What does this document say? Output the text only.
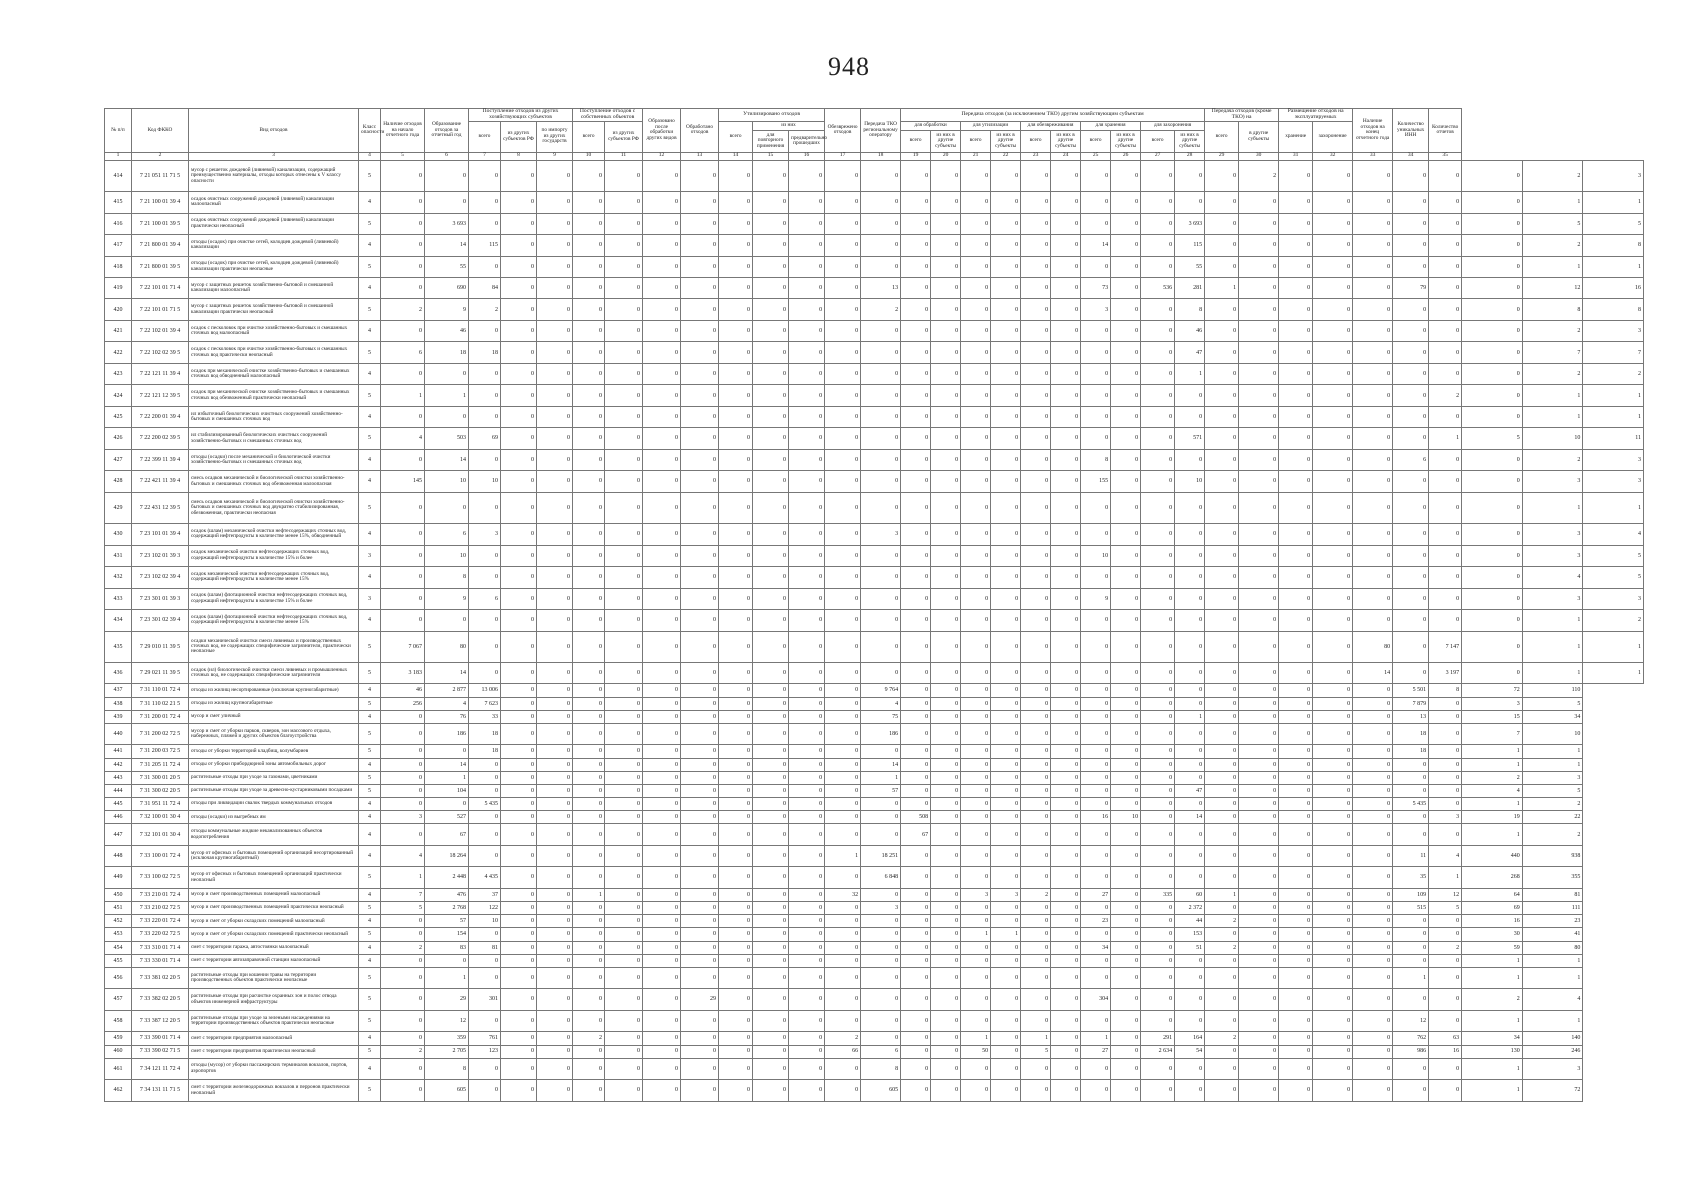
948
№ п/п	Код ФККО	Вид отходов	Класс опасности	Наличие отходов на начало отчетного года	Образование отходов за отчетный год	Поступление отходов из других хозяйствующих субъектов			Поступление отходов с собственных объектов		Образовано после обработки других видов	Обработано отходов	Утилизировано отходов			Обезврежено отходов	Передача ТКО региональному оператору	Передача отходов (за исключением ТКО) другим хозяйствующим субъектам										Передача отходов (кроме ТКО) на		Размещение отходов на эксплуатируемых		Наличие отходов на конец отчетного года	Количество уникальных ИНН	Количество отчетов			
						всего	из других субъектов РФ	по импорту из других государств	всего	из других субъектов РФ			всего	из них				для обработки		для утилизации		для обезвреживания		для хранения		для захоронения		всего	в другие субъекты	хранение	захоронение						
														для повторного применения	предварительно прошедших			всего	из них в другие субъекты	всего	из них в другие субъекты	всего	из них в другие субъекты	всего	из них в другие субъекты	всего	из них в другие субъекты										
1	2	3	4	5	6	7	8	9	10	11	12	13	14	15	16	17	18	19	20	21	22	23	24	25	26	27	28	29	30	31	32	33	34	35			
414	7 21 051 11 71 5	мусор с решеток дождевой (ливневой) канализации, содержащий преимущественно материалы, отходы которых отнесены к V классу опасности	5	0	0	0	0	0	0	0	0	0	0	0	0	0	0	0	0	0	0	0	0	0	0	0	0	0	2	0	0	0	0	0	0	2	3
415	7 21 100 01 39 4	осадок очистных сооружений дождевой (ливневой) канализации малоопасный	4	0	0	0	0	0	0	0	0	0	0	0	0	0	0	0	0	0	0	0	0	0	0	0	0	0	0	0	0	0	0	0	0	1	1
416	7 21 100 01 39 5	осадок очистных сооружений дождевой (ливневой) канализации практически неопасный	5	0	3 693	0	0	0	0	0	0	0	0	0	0	0	0	0	0	0	0	0	0	0	0	0	3 693	0	0	0	0	0	0	0	0	5	5
417	7 21 800 01 39 4	отходы (осадок) при очистке сетей, колодцев дождевой (ливневой) канализации	4	0	14	115	0	0	0	0	0	0	0	0	0	0	0	0	0	0	0	0	0	14	0	0	115	0	0	0	0	0	0	0	0	2	8
418	7 21 800 01 39 5	отходы (осадок) при очистке сетей, колодцев дождевой (ливневой) канализации практически неопасные	5	0	55	0	0	0	0	0	0	0	0	0	0	0	0	0	0	0	0	0	0	0	0	0	55	0	0	0	0	0	0	0	0	1	1
419	7 22 101 01 71 4	мусор с защитных решеток хозяйственно-бытовой и смешанной канализации малоопасный	4	0	690	84	0	0	0	0	0	0	0	0	0	0	13	0	0	0	0	0	0	73	0	536	281	1	0	0	0	0	79	0	0	12	16
420	7 22 101 01 71 5	мусор с защитных решеток хозяйственно-бытовой и смешанной канализации практически неопасный	5	2	9	2	0	0	0	0	0	0	0	0	0	0	2	0	0	0	0	0	0	3	0	0	8	0	0	0	0	0	0	0	0	8	8
421	7 22 102 01 39 4	осадок с песколовок при очистке хозяйственно-бытовых и смешанных сточных вод малоопасный	4	0	46	0	0	0	0	0	0	0	0	0	0	0	0	0	0	0	0	0	0	0	0	0	46	0	0	0	0	0	0	0	0	2	3
422	7 22 102 02 39 5	осадок с песколовок при очистке хозяйственно-бытовых и смешанных сточных вод практически неопасный	5	6	18	18	0	0	0	0	0	0	0	0	0	0	0	0	0	0	0	0	0	0	0	0	47	0	0	0	0	0	0	0	0	7	7
423	7 22 121 11 39 4	осадок при механической очистке хозяйственно-бытовых и смешанных сточных вод обводненный малоопасный	4	0	0	0	0	0	0	0	0	0	0	0	0	0	0	0	0	0	0	0	0	0	0	0	1	0	0	0	0	0	0	0	0	2	2
424	7 22 121 12 39 5	осадок при механической очистке хозяйственно-бытовых и смешанных сточных вод обезвоженный практически неопасный	5	1	1	0	0	0	0	0	0	0	0	0	0	0	0	0	0	0	0	0	0	0	0	0	0	0	0	0	0	0	0	2	0	1	1
425	7 22 200 01 39 4	ил избыточный биологических очистных сооружений хозяйственно-бытовых и смешанных сточных вод	4	0	0	0	0	0	0	0	0	0	0	0	0	0	0	0	0	0	0	0	0	0	0	0	0	0	0	0	0	0	0	0	0	1	1
426	7 22 200 02 39 5	ил стабилизированный биологических очистных сооружений хозяйственно-бытовых и смешанных сточных вод	5	4	503	69	0	0	0	0	0	0	0	0	0	0	0	0	0	0	0	0	0	0	0	0	571	0	0	0	0	0	0	1	5	10	11
427	7 22 399 11 39 4	отходы (осадки) после механической и биологической очистки хозяйственно-бытовых и смешанных сточных вод	4	0	14	0	0	0	0	0	0	0	0	0	0	0	0	0	0	0	0	0	0	8	0	0	0	0	0	0	0	0	6	0	0	2	3
428	7 22 421 11 39 4	смесь осадков механической и биологической очистки хозяйственно-бытовых и смешанных сточных вод обезвоженная малоопасная	4	145	10	10	0	0	0	0	0	0	0	0	0	0	0	0	0	0	0	0	0	155	0	0	10	0	0	0	0	0	0	0	0	3	3
429	7 22 431 12 39 5	смесь осадков механической и биологической очистки хозяйственно-бытовых и смешанных сточных вод двукратно стабилизированная, обезвоженная, практически неопасная	5	0	0	0	0	0	0	0	0	0	0	0	0	0	0	0	0	0	0	0	0	0	0	0	0	0	0	0	0	0	0	0	0	1	1
430	7 23 101 01 39 4	осадок (шлам) механической очистки нефтесодержащих сточных вод, содержащий нефтепродукты в количестве менее 15%, обводненный	4	0	6	3	0	0	0	0	0	0	0	0	0	0	3	0	0	0	0	0	0	0	0	0	0	0	0	0	0	0	0	0	0	3	4
431	7 23 102 01 39 3	осадок механической очистки нефтесодержащих сточных вод, содержащий нефтепродукты в количестве 15% и более	3	0	10	0	0	0	0	0	0	0	0	0	0	0	0	0	0	0	0	0	0	10	0	0	0	0	0	0	0	0	0	0	0	3	5
432	7 23 102 02 39 4	осадок механической очистки нефтесодержащих сточных вод, содержащий нефтепродукты в количестве менее 15%	4	0	8	0	0	0	0	0	0	0	0	0	0	0	0	0	0	0	0	0	0	0	0	0	0	0	0	0	0	0	0	0	0	4	5
433	7 23 301 01 39 3	осадок (шлам) флотационной очистки нефтесодержащих сточных вод, содержащий нефтепродукты в количестве 15% и более	3	0	9	6	0	0	0	0	0	0	0	0	0	0	0	0	0	0	0	0	0	9	0	0	0	0	0	0	0	0	0	0	0	3	3
434	7 23 301 02 39 4	осадок (шлам) флотационной очистки нефтесодержащих сточных вод, содержащий нефтепродукты в количестве менее 15%	4	0	0	0	0	0	0	0	0	0	0	0	0	0	0	0	0	0	0	0	0	0	0	0	0	0	0	0	0	0	0	0	0	1	2
435	7 29 010 11 39 5	осадки механической очистки смеси ливневых и производственных сточных вод, не содержащих специфические загрязнители, практически неопасные	5	7 067	80	0	0	0	0	0	0	0	0	0	0	0	0	0	0	0	0	0	0	0	0	0	0	0	0	0	0	80	0	7 147	0	1	1
436	7 29 021 11 39 5	осадок (ил) биологической очистки смеси ливневых и промышленных сточных вод, не содержащих специфические загрязнители	5	3 183	14	0	0	0	0	0	0	0	0	0	0	0	0	0	0	0	0	0	0	0	0	0	0	0	0	0	0	14	0	3 197	0	1	1
437	7 31 110 01 72 4	отходы из жилищ несортированные (исключая крупногабаритные)	4	46	2 877	13 006	0	0	0	0	0	0	0	0	0	0	9 764	0	0	0	0	0	0	0	0	0	0	0	0	0	0	0	5 501	8	72	110	
438	7 31 110 02 21 5	отходы из жилищ крупногабаритные	5	256	4	7 623	0	0	0	0	0	0	0	0	0	0	4	0	0	0	0	0	0	0	0	0	0	0	0	0	0	0	7 879	0	3	5	
439	7 31 200 01 72 4	мусор и смет уличный	4	0	76	33	0	0	0	0	0	0	0	0	0	0	75	0	0	0	0	0	0	0	0	0	1	0	0	0	0	0	13	0	15	34	
440	7 31 200 02 72 5	мусор и смет от уборки парков, скверов, зон массового отдыха, набережных, пляжей и других объектов благоустройства	5	0	186	18	0	0	0	0	0	0	0	0	0	0	186	0	0	0	0	0	0	0	0	0	0	0	0	0	0	0	18	0	7	10	
441	7 31 200 03 72 5	отходы от уборки территорий кладбищ, колумбариев	5	0	0	18	0	0	0	0	0	0	0	0	0	0	0	0	0	0	0	0	0	0	0	0	0	0	0	0	0	0	18	0	1	1	
442	7 31 205 11 72 4	отходы от уборки прибордюрной зоны автомобильных дорог	4	0	14	0	0	0	0	0	0	0	0	0	0	0	14	0	0	0	0	0	0	0	0	0	0	0	0	0	0	0	0	0	1	1	
443	7 31 300 01 20 5	растительные отходы при уходе за газонами, цветниками	5	0	1	0	0	0	0	0	0	0	0	0	0	0	1	0	0	0	0	0	0	0	0	0	0	0	0	0	0	0	0	0	2	3	
444	7 31 300 02 20 5	растительные отходы при уходе за древесно-кустарниковыми посадками	5	0	104	0	0	0	0	0	0	0	0	0	0	0	57	0	0	0	0	0	0	0	0	0	47	0	0	0	0	0	0	0	4	5	
445	7 31 951 11 72 4	отходы при ликвидации свалок твердых коммунальных отходов	4	0	0	5 435	0	0	0	0	0	0	0	0	0	0	0	0	0	0	0	0	0	0	0	0	0	0	0	0	0	0	5 435	0	1	2	
446	7 32 100 01 30 4	отходы (осадки) из выгребных ям	4	3	527	0	0	0	0	0	0	0	0	0	0	0	0	508	0	0	0	0	0	16	10	0	14	0	0	0	0	0	0	3	19	22	
447	7 32 101 01 30 4	отходы коммунальные жидкие неканализованных объектов водопотребления	4	0	67	0	0	0	0	0	0	0	0	0	0	0	0	67	0	0	0	0	0	0	0	0	0	0	0	0	0	0	0	0	1	2	
448	7 33 100 01 72 4	мусор от офисных и бытовых помещений организаций несортированный (исключая крупногабаритный)	4	4	18 264	0	0	0	0	0	0	0	0	0	0	1	18 251	0	0	0	0	0	0	0	0	0	0	0	0	0	0	0	11	4	440	938	
449	7 33 100 02 72 5	мусор от офисных и бытовых помещений организаций практически неопасный	5	1	2 448	4 435	0	0	0	0	0	0	0	0	0	0	6 848	0	0	0	0	0	0	0	0	0	0	0	0	0	0	0	35	1	268	355	
450	7 33 210 01 72 4	мусор и смет производственных помещений малоопасный	4	7	476	37	0	0	1	0	0	0	0	0	0	32	0	0	0	3	3	2	0	27	0	335	60	1	0	0	0	0	109	12	64	81	
451	7 33 210 02 72 5	мусор и смет производственных помещений практически неопасный	5	5	2 768	122	0	0	0	0	0	0	0	0	0	0	3	0	0	0	0	0	0	0	0	0	2 372	0	0	0	0	0	515	5	69	111	
452	7 33 220 01 72 4	мусор и смет от уборки складских помещений малоопасный	4	0	57	10	0	0	0	0	0	0	0	0	0	0	0	0	0	0	0	0	0	23	0	0	44	2	0	0	0	0	0	0	16	23	
453	7 33 220 02 72 5	мусор и смет от уборки складских помещений практически неопасный	5	0	154	0	0	0	0	0	0	0	0	0	0	0	0	0	0	1	1	0	0	0	0	0	153	0	0	0	0	0	0	0	30	41	
454	7 33 310 01 71 4	смет с территории гаража, автостоянки малоопасный	4	2	83	81	0	0	0	0	0	0	0	0	0	0	0	0	0	0	0	0	0	34	0	0	51	2	0	0	0	0	0	2	59	80	
455	7 33 330 01 71 4	смет с территории автозаправочной станции малоопасный	4	0	0	0	0	0	0	0	0	0	0	0	0	0	0	0	0	0	0	0	0	0	0	0	0	0	0	0	0	0	0	0	1	1	
456	7 33 381 02 20 5	растительные отходы при кошении травы на территории производственных объектов практически неопасные	5	0	1	0	0	0	0	0	0	0	0	0	0	0	0	0	0	0	0	0	0	0	0	0	0	0	0	0	0	0	1	0	1	1	
457	7 33 382 02 20 5	растительные отходы при расчистке охранных зон и полос отвода объектов инженерной инфраструктуры	5	0	29	301	0	0	0	0	0	29	0	0	0	0	0	0	0	0	0	0	0	304	0	0	0	0	0	0	0	0	0	0	2	4	
458	7 33 387 12 20 5	растительные отходы при уходе за зелеными насаждениями на территории производственных объектов практически неопасные	5	0	12	0	0	0	0	0	0	0	0	0	0	0	0	0	0	0	0	0	0	0	0	0	0	0	0	0	0	0	12	0	1	1	
459	7 33 390 01 71 4	смет с территории предприятия малоопасный	4	0	359	761	0	0	2	0	0	0	0	0	0	2	0	0	0	1	0	1	0	1	0	291	164	2	0	0	0	0	762	63	34	140	
460	7 33 390 02 71 5	смет с территории предприятия практически неопасный	5	2	2 705	123	0	0	0	0	0	0	0	0	0	66	6	0	0	50	0	5	0	27	0	2 634	54	0	0	0	0	0	986	16	130	246	
461	7 34 121 11 72 4	отходы (мусор) от уборки пассажирских терминалов вокзалов, портов, аэропортов	4	0	8	0	0	0	0	0	0	0	0	0	0	0	8	0	0	0	0	0	0	0	0	0	0	0	0	0	0	0	0	0	1	3	
462	7 34 131 11 71 5	смет с территории железнодорожных вокзалов и перронов практически неопасный	5	0	605	0	0	0	0	0	0	0	0	0	0	0	605	0	0	0	0	0	0	0	0	0	0	0	0	0	0	0	0	0	1	72	
